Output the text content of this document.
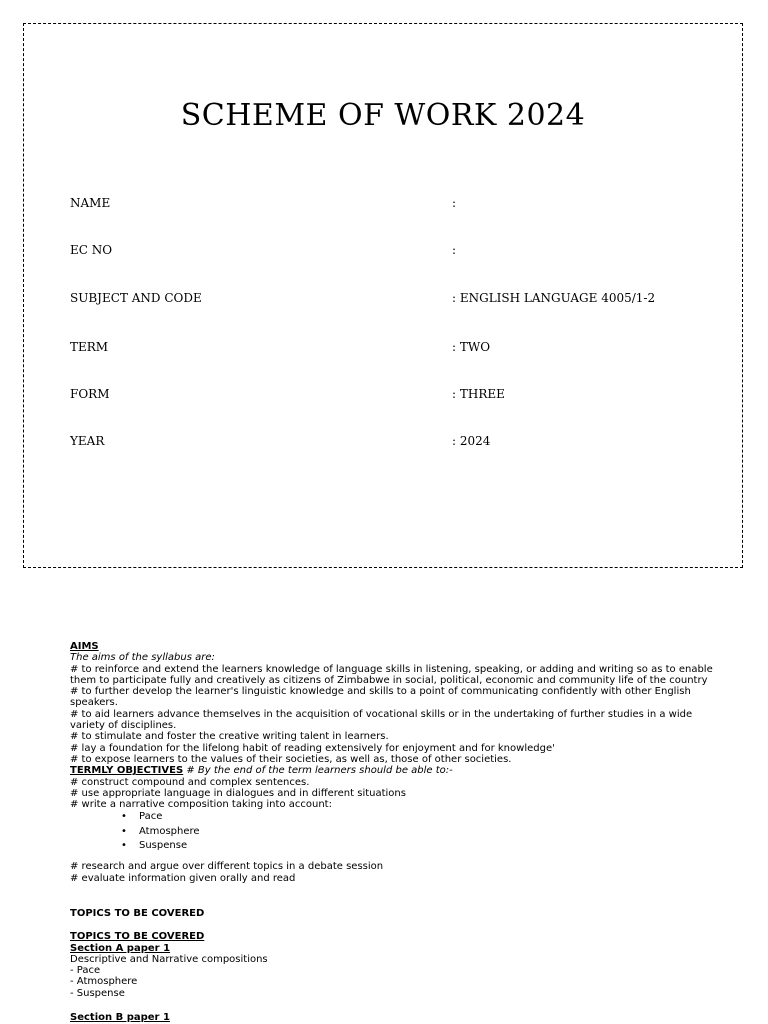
SCHEME OF WORK 2024
NAME	:
EC NO	:
SUBJECT AND CODE	: ENGLISH LANGUAGE 4005/1-2
TERM	: TWO
FORM	: THREE
YEAR	: 2024

AIMS

The aims of the syllabus are:

# to reinforce and extend the learners knowledge of language skills in listening, speaking, or adding and writing so as to enable them to participate fully and creatively as citizens of Zimbabwe in social, political, economic and community life of the country

# to further develop the learner's linguistic knowledge and skills to a point of communicating confidently with other English speakers.

# to aid learners advance themselves in the acquisition of vocational skills or in the undertaking of further studies in a wide variety of disciplines.

# to stimulate and foster the creative writing talent in learners.

# lay a foundation for the lifelong habit of reading extensively for enjoyment and for knowledge'

# to expose learners to the values of their societies, as well as, those of other societies.

TERMLY OBJECTIVES # By the end of the term learners should be able to:-

# construct compound and complex sentences.

# use appropriate language in dialogues and in different situations

# write a narrative composition taking into account:

• Pace
• Atmosphere
• Suspense

# research and argue over different topics in a debate session

# evaluate information given orally and read

TOPICS TO BE COVERED

TOPICS TO BE COVERED

Section A paper 1

Descriptive and Narrative compositions

- Pace

- Atmosphere

- Suspense

Section B paper 1
